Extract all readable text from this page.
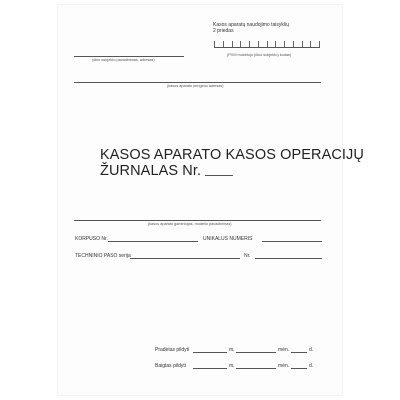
Kasos aparatų naudojimo taisyklių
2 priedas
(ūkio subjekto pavadinimas, adresas)
(PVM mokėtojo (ūkio subjekto) kodas)
(kasos aparato įrengimo adresas)
KASOS APARATO KASOS OPERACIJŲ
ŽURNALAS Nr.
(kasos aparato gamintojas, modelio pavadinimas)
KORPUSO Nr.	UNIKALUS NUMERIS
TECHNINIO PASO serija	Nr.
Pradėtas pildyti	m.	mėn.	d.
Baigtas pildyti	m.	mėn.	d.
